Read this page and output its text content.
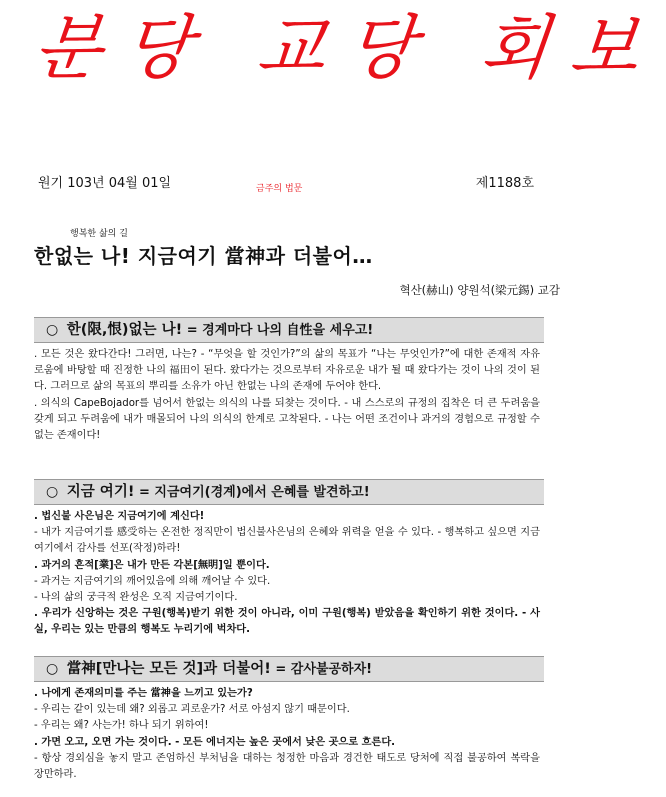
분당 교당 회보
원기 103년 04월 01일	금주의 법문	제1188호
행복한 삶의 길
한없는 나! 지금여기 當神과 더불어…
혁산(赫山) 양원석(梁元錫) 교감
○ 한(限,恨)없는 나! = 경계마다 나의 自性을 세우고!

. 모든 것은 왔다간다! 그러면, 나는? - “무엇을 할 것인가?”의 삶의 목표가 “나는 무엇인가?”에 대한 존재적 자유로움에 바탕할 때 진정한 나의 福田이 된다. 왔다가는 것으로부터 자유로운 내가 될 때 왔다가는 것이 나의 것이 된다. 그러므로 삶의 목표의 뿌리를 소유가 아닌 한없는 나의 존재에 두어야 한다.

. 의식의 CapeBojador를 넘어서 한없는 의식의 나를 되찾는 것이다. - 내 스스로의 규정의 집착은 더 큰 두려움을 갖게 되고 두려움에 내가 매몰되어 나의 의식의 한계로 고착된다. - 나는 어떤 조건이나 과거의 경험으로 규정할 수 없는 존재이다!

○ 지금 여기! = 지금여기(경계)에서 은혜를 발견하고!

. 법신불 사은님은 지금여기에 계신다!

- 내가 지금여기를 感受하는 온전한 정직만이 법신불사은님의 은혜와 위력을 얻을 수 있다. - 행복하고 싶으면 지금여기에서 감사를 선포(작정)하라!

. 과거의 흔적[業]은 내가 만든 각본[無明]일 뿐이다.

- 과거는 지금여기의 깨어있음에 의해 깨어날 수 있다.

- 나의 삶의 궁극적 완성은 오직 지금여기이다.

. 우리가 신앙하는 것은 구원(행복)받기 위한 것이 아니라, 이미 구원(행복) 받았음을 확인하기 위한 것이다. - 사실, 우리는 있는 만큼의 행복도 누리기에 벅차다.

○ 當神[만나는 모든 것]과 더불어! = 감사불공하자!

. 나에게 존재의미를 주는 當神을 느끼고 있는가?

- 우리는 같이 있는데 왜? 외롭고 괴로운가? 서로 아섬지 않기 때문이다.

- 우리는 왜? 사는가! 하나 되기 위하여!

. 가면 오고, 오면 가는 것이다. - 모든 에너지는 높은 곳에서 낮은 곳으로 흐른다.

- 항상 경외심을 놓지 말고 존엄하신 부처님을 대하는 청정한 마음과 경건한 태도로 당처에 직접 불공하여 복락을 장만하라.
